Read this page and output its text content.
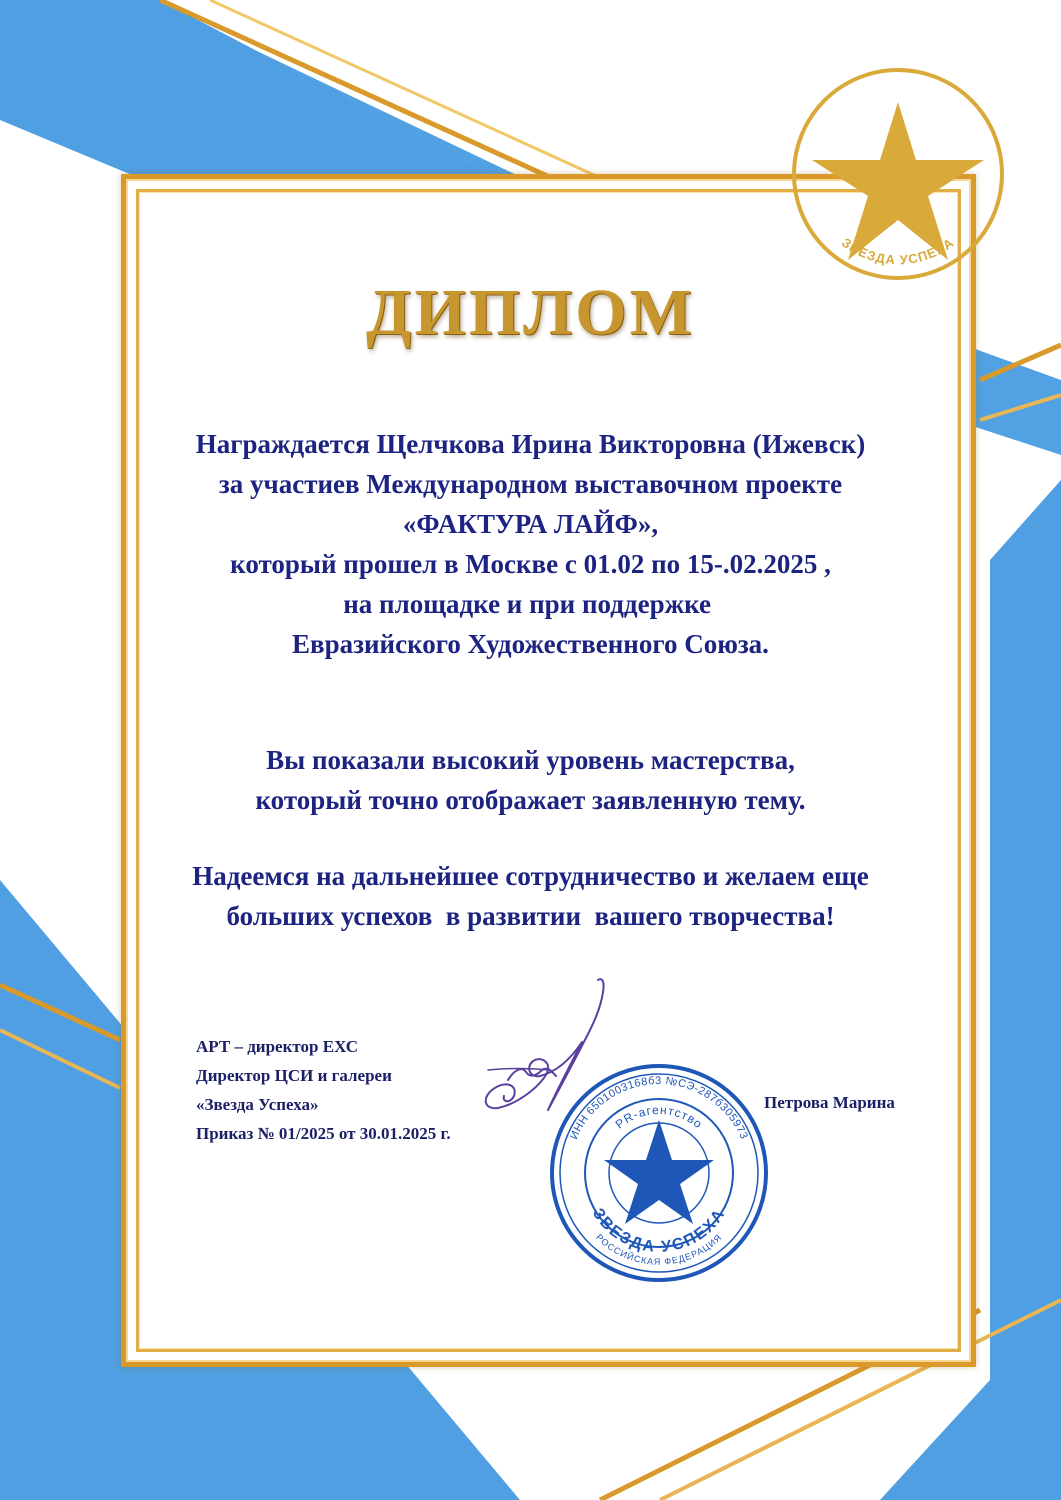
ЗВЕЗДА УСПЕХА
ДИПЛОМ
Награждается Щелчкова Ирина Викторовна (Ижевск)
за участиев Международном выставочном проекте
«ФАКТУРА ЛАЙФ»,
который прошел в Москве с 01.02 по 15-.02.2025 ,
на площадке и при поддержке
Евразийского Художественного Союза.
Вы показали высокий уровень мастерства,
который точно отображает заявленную тему.
Надеемся на дальнейшее сотрудничество и желаем еще
больших успехов  в развитии  вашего творчества!
АРТ – директор ЕХС
Директор ЦСИ и галереи
«Звезда Успеха»
Приказ № 01/2025 от 30.01.2025 г.
Петрова Марина
ИНН 6501003168б3 №СЭ-287б305973
PR-агентство
ЗВЕЗДА УСПЕХА
РОССИЙСКАЯ ФЕДЕРАЦИЯ
